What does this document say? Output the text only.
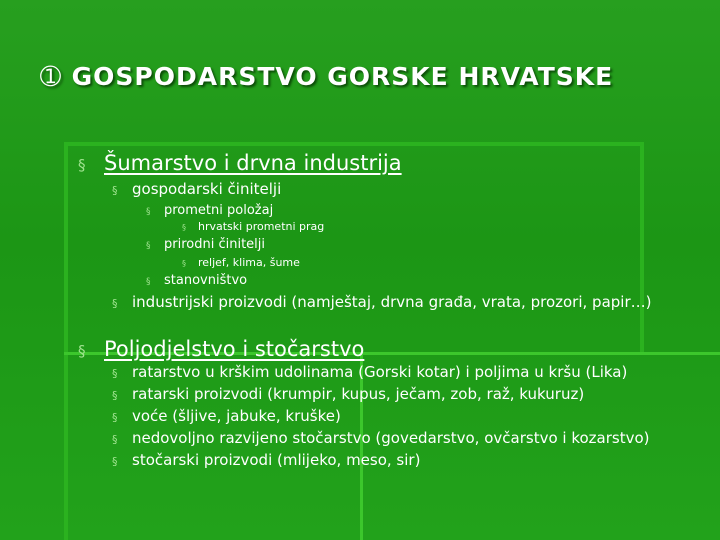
➀ GOSPODARSTVO GORSKE HRVATSKE
§ Šumarstvo i drvna industrija
§ gospodarski činitelji
§ prometni položaj
§ hrvatski prometni prag
§ prirodni činitelji
§ reljef, klima, šume
§ stanovništvo
§ industrijski proizvodi (namještaj, drvna građa, vrata, prozori, papir…)
§ Poljodjelstvo i stočarstvo
§ ratarstvo u krškim udolinama (Gorski kotar) i poljima u kršu (Lika)
§ ratarski proizvodi (krumpir, kupus, ječam, zob, raž, kukuruz)
§ voće (šljive, jabuke, kruške)
§ nedovoljno razvijeno stočarstvo (govedarstvo, ovčarstvo i kozarstvo)
§ stočarski proizvodi (mlijeko, meso, sir)
